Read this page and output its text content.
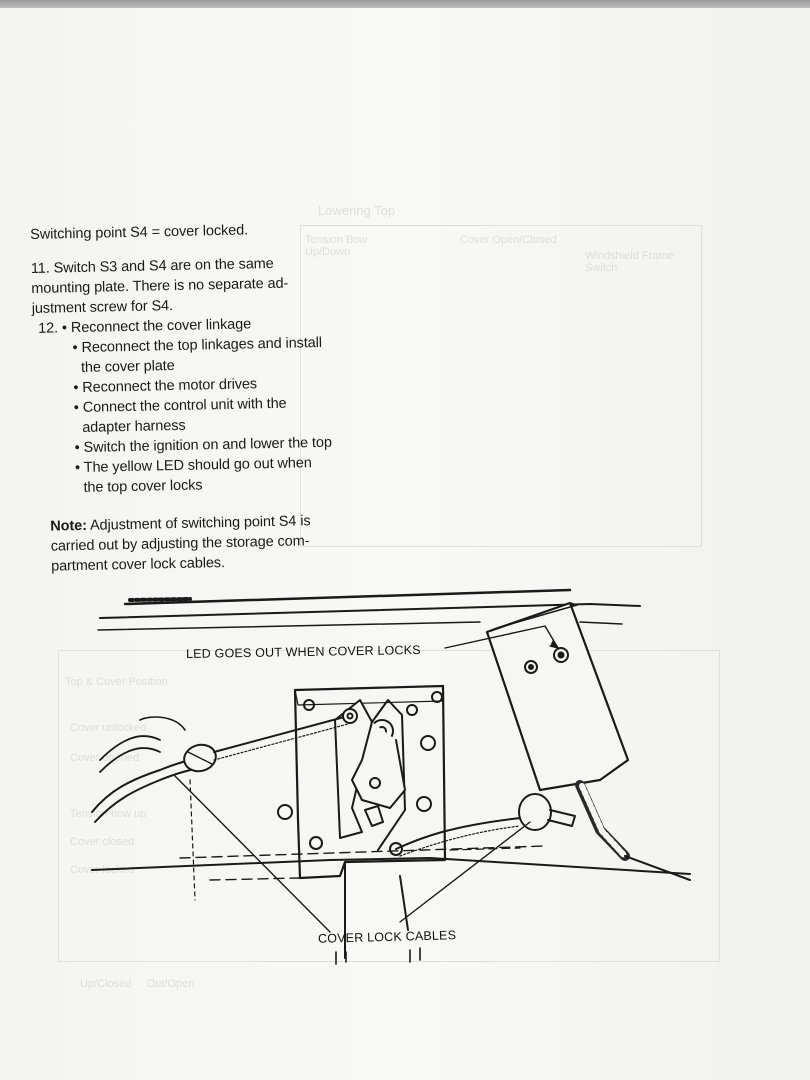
Lowering Top
Tension Bow Up/Down
Cover Open/Closed
Windshield Frame Switch
Top & Cover Position
Cover unlocked
Cover opened
Tension bow up
Cover closed
Cover locked
Up/Closed     Out/Open
Switching point S4 = cover locked.
11. Switch S3 and S4 are on the same
mounting plate. There is no separate ad-
justment screw for S4.
12. • Reconnect the cover linkage
• Reconnect the top linkages and install
the cover plate
• Reconnect the motor drives
• Connect the control unit with the
adapter harness
• Switch the ignition on and lower the top
• The yellow LED should go out when
the top cover locks
Note: Adjustment of switching point S4 is
carried out by adjusting the storage com-
partment cover lock cables.
LED GOES OUT WHEN COVER LOCKS
COVER LOCK CABLES
